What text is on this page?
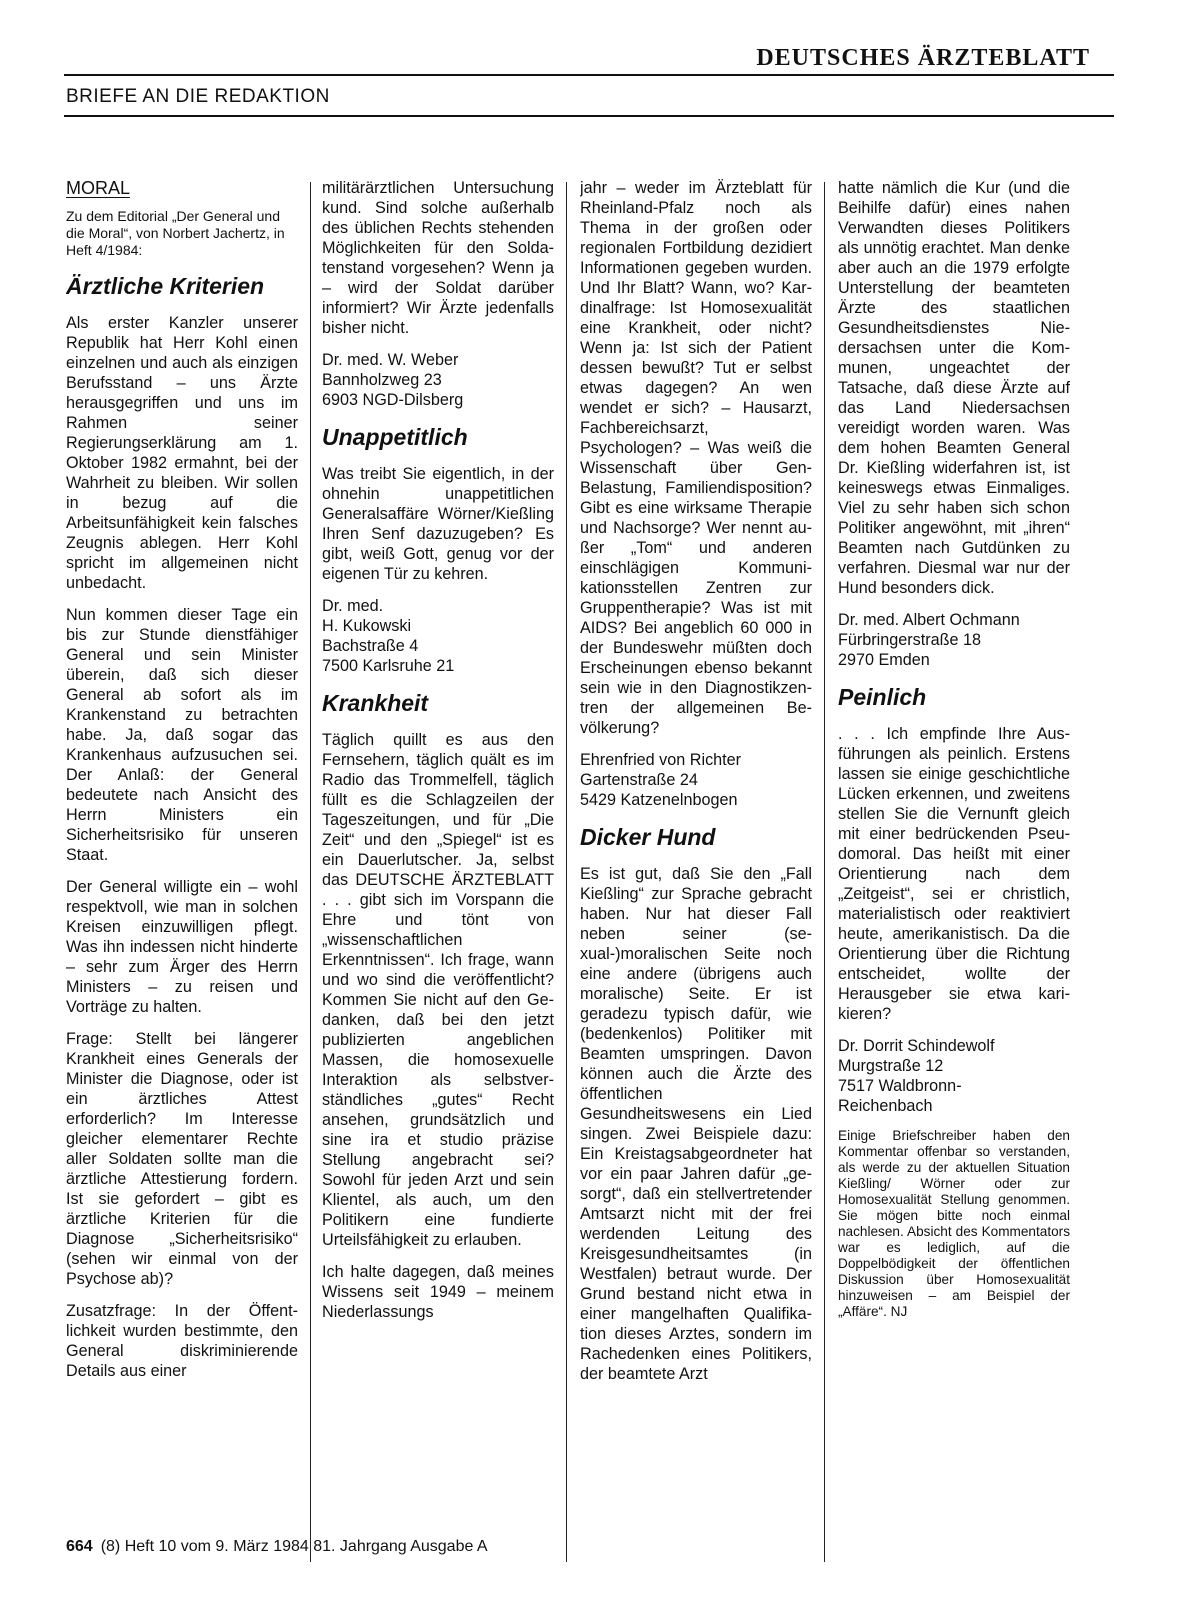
DEUTSCHES ÄRZTEBLATT
BRIEFE AN DIE REDAKTION
MORAL

Zu dem Editorial „Der General und die Moral“, von Norbert Jachertz, in Heft 4/1984:

Ärztliche Kriterien

Als erster Kanzler unserer Republik hat Herr Kohl einen einzelnen und auch als einzigen Berufsstand – uns Ärzte herausgegriffen und uns im Rahmen seiner Regierungserklärung am 1. Oktober 1982 ermahnt, bei der Wahrheit zu bleiben. Wir sollen in bezug auf die Arbeitsunfähigkeit kein falsches Zeugnis ablegen. Herr Kohl spricht im allgemeinen nicht unbedacht.

Nun kommen dieser Tage ein bis zur Stunde dienstfähiger General und sein Minister überein, daß sich dieser General ab sofort als im Krankenstand zu betrachten habe. Ja, daß sogar das Krankenhaus aufzusuchen sei. Der Anlaß: der General bedeutete nach Ansicht des Herrn Ministers ein Sicherheitsrisiko für unseren Staat.

Der General willigte ein – wohl respektvoll, wie man in solchen Kreisen einzuwilligen pflegt. Was ihn indessen nicht hinderte – sehr zum Ärger des Herrn Ministers – zu reisen und Vorträge zu halten.

Frage: Stellt bei längerer Krankheit eines Generals der Minister die Diagnose, oder ist ein ärztliches Attest erforderlich? Im Interesse gleicher elementarer Rechte aller Soldaten sollte man die ärztliche Attestierung fordern. Ist sie gefordert – gibt es ärztliche Kriterien für die Diagnose „Sicherheitsrisiko“ (sehen wir einmal von der Psychose ab)?

Zusatzfrage: In der Öffentlichkeit wurden bestimmte, den General diskriminierende Details aus einer

militärärztlichen Untersuchung kund. Sind solche außerhalb des üblichen Rechts stehenden Möglichkeiten für den Soldatenstand vorgesehen? Wenn ja – wird der Soldat darüber informiert? Wir Ärzte jedenfalls bisher nicht.

Dr. med. W. Weber
Bannholzweg 23
6903 NGD-Dilsberg

Unappetitlich

Was treibt Sie eigentlich, in der ohnehin unappetitlichen Generalsaffäre Wörner/Kießling Ihren Senf dazuzugeben? Es gibt, weiß Gott, genug vor der eigenen Tür zu kehren.

Dr. med.
H. Kukowski
Bachstraße 4
7500 Karlsruhe 21

Krankheit

Täglich quillt es aus den Fernsehern, täglich quält es im Radio das Trommelfell, täglich füllt es die Schlagzeilen der Tageszeitungen, und für „Die Zeit“ und den „Spiegel“ ist es ein Dauerlutscher. Ja, selbst das DEUTSCHE ÄRZTEBLATT . . . gibt sich im Vorspann die Ehre und tönt von „wissenschaftlichen Erkenntnissen“. Ich frage, wann und wo sind die veröffentlicht? Kommen Sie nicht auf den Gedanken, daß bei den jetzt publizierten angeblichen Massen, die homosexuelle Interaktion als selbstverständliches „gutes“ Recht ansehen, grundsätzlich und sine ira et studio präzise Stellung angebracht sei? Sowohl für jeden Arzt und sein Klientel, als auch, um den Politikern eine fundierte Urteilsfähigkeit zu erlauben.

Ich halte dagegen, daß meines Wissens seit 1949 – meinem Niederlassungs

jahr – weder im Ärzteblatt für Rheinland-Pfalz noch als Thema in der großen oder regionalen Fortbildung dezidiert Informationen gegeben wurden. Und Ihr Blatt? Wann, wo? Kardinalfrage: Ist Homosexualität eine Krankheit, oder nicht? Wenn ja: Ist sich der Patient dessen bewußt? Tut er selbst etwas dagegen? An wen wendet er sich? – Hausarzt, Fachbereichsarzt, Psychologen? – Was weiß die Wissenschaft über Gen-Belastung, Familiendisposition? Gibt es eine wirksame Therapie und Nachsorge? Wer nennt außer „Tom“ und anderen einschlägigen Kommunikationsstellen Zentren zur Gruppentherapie? Was ist mit AIDS? Bei angeblich 60 000 in der Bundeswehr müßten doch Erscheinungen ebenso bekannt sein wie in den Diagnostikzentren der allgemeinen Bevölkerung?

Ehrenfried von Richter
Gartenstraße 24
5429 Katzenelnbogen

Dicker Hund

Es ist gut, daß Sie den „Fall Kießling“ zur Sprache gebracht haben. Nur hat dieser Fall neben seiner (sexual-)moralischen Seite noch eine andere (übrigens auch moralische) Seite. Er ist geradezu typisch dafür, wie (bedenkenlos) Politiker mit Beamten umspringen. Davon können auch die Ärzte des öffentlichen Gesundheitswesens ein Lied singen. Zwei Beispiele dazu: Ein Kreistagsabgeordneter hat vor ein paar Jahren dafür „gesorgt“, daß ein stellvertretender Amtsarzt nicht mit der frei werdenden Leitung des Kreisgesundheitsamtes (in Westfalen) betraut wurde. Der Grund bestand nicht etwa in einer mangelhaften Qualifikation dieses Arztes, sondern im Rachedenken eines Politikers, der beamtete Arzt

hatte nämlich die Kur (und die Beihilfe dafür) eines nahen Verwandten dieses Politikers als unnötig erachtet. Man denke aber auch an die 1979 erfolgte Unterstellung der beamteten Ärzte des staatlichen Gesundheitsdienstes Niedersachsen unter die Kommunen, ungeachtet der Tatsache, daß diese Ärzte auf das Land Niedersachsen vereidigt worden waren. Was dem hohen Beamten General Dr. Kießling widerfahren ist, ist keineswegs etwas Einmaliges. Viel zu sehr haben sich schon Politiker angewöhnt, mit „ihren“ Beamten nach Gutdünken zu verfahren. Diesmal war nur der Hund besonders dick.

Dr. med. Albert Ochmann
Fürbringerstraße 18
2970 Emden

Peinlich

. . . Ich empfinde Ihre Ausführungen als peinlich. Erstens lassen sie einige geschichtliche Lücken erkennen, und zweitens stellen Sie die Vernunft gleich mit einer bedrückenden Pseudomoral. Das heißt mit einer Orientierung nach dem „Zeitgeist“, sei er christlich, materialistisch oder reaktiviert heute, amerikanistisch. Da die Orientierung über die Richtung entscheidet, wollte der Herausgeber sie etwa karikieren?

Dr. Dorrit Schindewolf
Murgstraße 12
7517 Waldbronn-
Reichenbach

Einige Briefschreiber haben den Kommentar offenbar so verstanden, als werde zu der aktuellen Situation Kießling/ Wörner oder zur Homosexualität Stellung genommen. Sie mögen bitte noch einmal nachlesen. Absicht des Kommentators war es lediglich, auf die Doppelbödigkeit der öffentlichen Diskussion über Homosexualität hinzuweisen – am Beispiel der „Affäre“. NJ

664 (8) Heft 10 vom 9. März 1984 81. Jahrgang Ausgabe A
